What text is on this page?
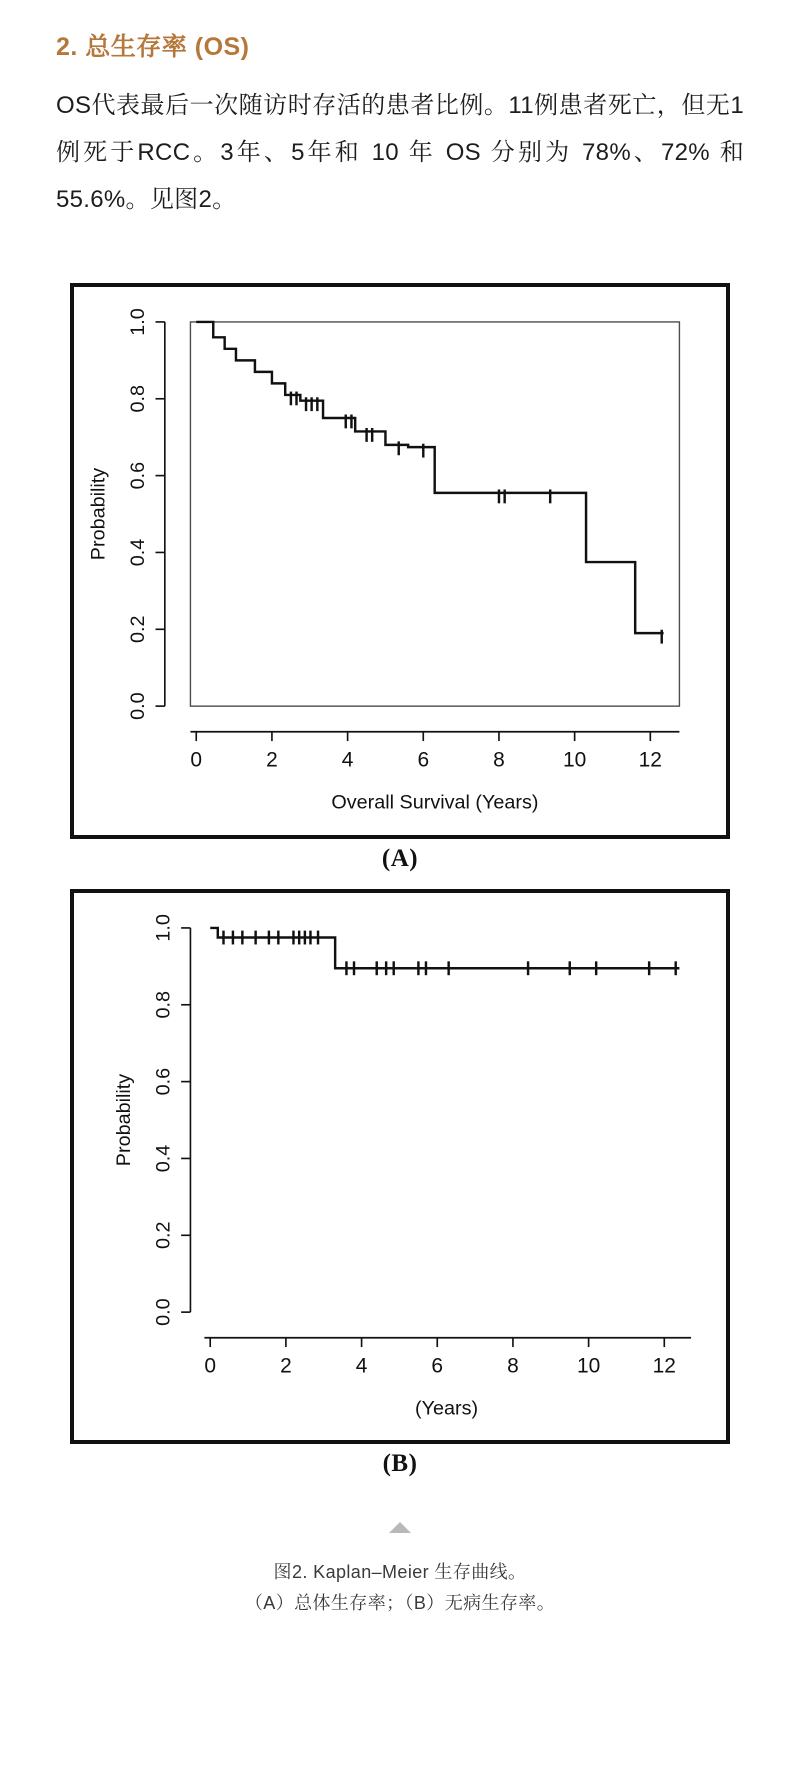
2. 总生存率 (OS)

OS代表最后一次随访时存活的患者比例。11例患者死亡，但无1例死于RCC。3年、5年和 10 年 OS 分别为 78%、72% 和 55.6%。见图2。

0.0
0.2
0.4
0.6
0.8
1.0
Probability
0	2	4	6	8	10	12
Overall Survival (Years)
(A)
0.0
0.2
0.4
0.6
0.8
1.0
Probability
0	2	4	6	8	10	12
(Years)
(B)
图2. Kaplan–Meier 生存曲线。
（A）总体生存率；（B）无病生存率。
